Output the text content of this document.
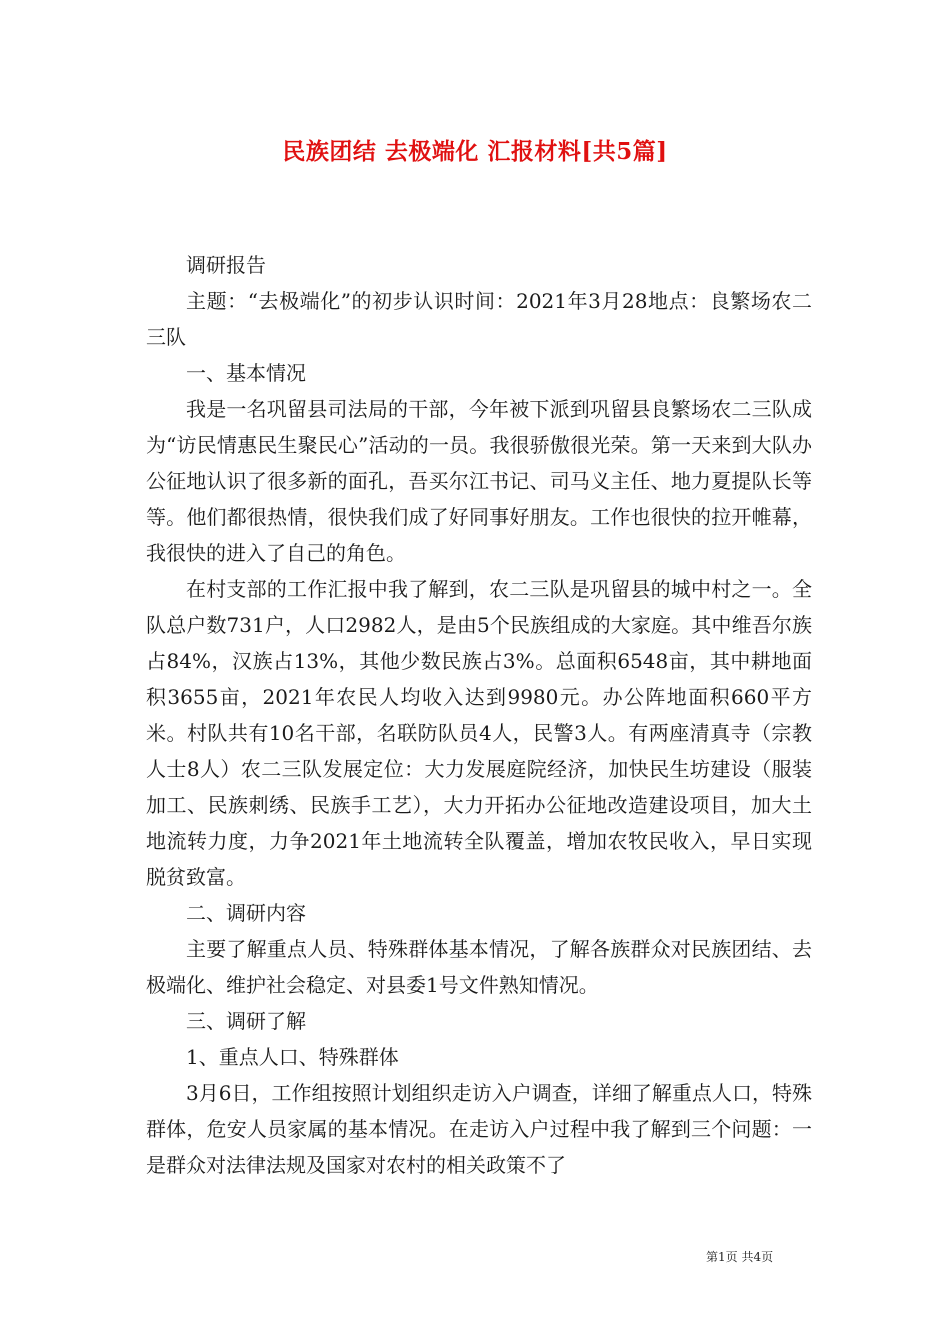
民族团结 去极端化 汇报材料[共5篇]

调研报告

主题：“去极端化”的初步认识时间：2021年3月28地点：良繁场农二三队

一、基本情况

我是一名巩留县司法局的干部，今年被下派到巩留县良繁场农二三队成为“访民情惠民生聚民心”活动的一员。我很骄傲很光荣。第一天来到大队办公征地认识了很多新的面孔，吾买尔江书记、司马义主任、地力夏提队长等等。他们都很热情，很快我们成了好同事好朋友。工作也很快的拉开帷幕，我很快的进入了自己的角色。

在村支部的工作汇报中我了解到，农二三队是巩留县的城中村之一。全队总户数731户，人口2982人，是由5个民族组成的大家庭。其中维吾尔族占84%，汉族占13%，其他少数民族占3%。总面积6548亩，其中耕地面积3655亩，2021年农民人均收入达到9980元。办公阵地面积660平方米。村队共有10名干部，名联防队员4人，民警3人。有两座清真寺（宗教人士8人）农二三队发展定位：大力发展庭院经济，加快民生坊建设（服装加工、民族刺绣、民族手工艺），大力开拓办公征地改造建设项目，加大土地流转力度，力争2021年土地流转全队覆盖，增加农牧民收入，早日实现脱贫致富。

二、调研内容

主要了解重点人员、特殊群体基本情况，了解各族群众对民族团结、去极端化、维护社会稳定、对县委1号文件熟知情况。

三、调研了解

1、重点人口、特殊群体

3月6日，工作组按照计划组织走访入户调查，详细了解重点人口，特殊群体，危安人员家属的基本情况。在走访入户过程中我了解到三个问题：一是群众对法律法规及国家对农村的相关政策不了

第1页 共4页
